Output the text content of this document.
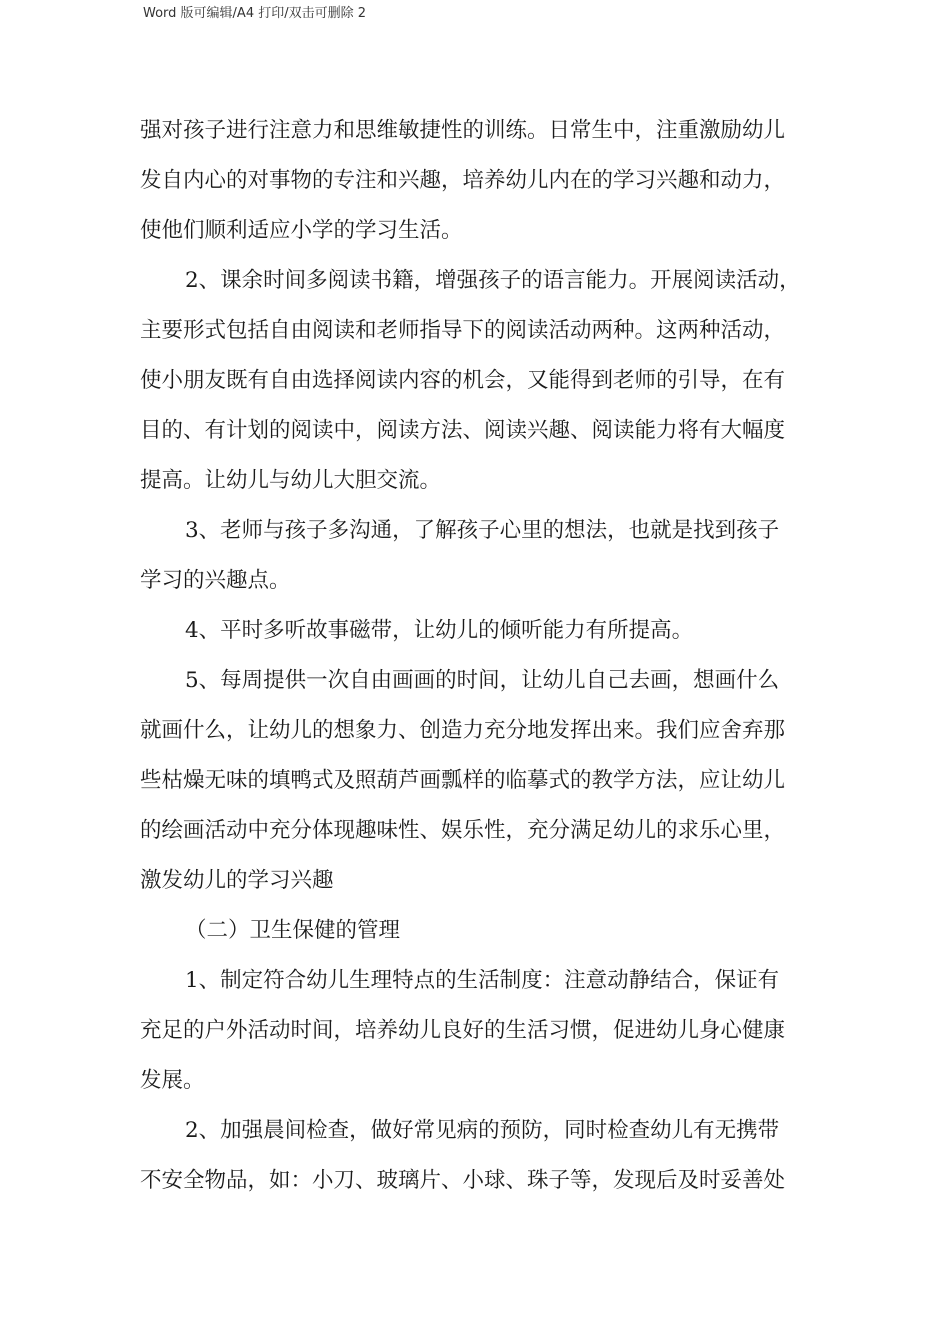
Word 版可编辑/A4 打印/双击可删除 2
强对孩子进行注意力和思维敏捷性的训练。日常生中，注重激励幼儿
发自内心的对事物的专注和兴趣，培养幼儿内在的学习兴趣和动力，
使他们顺利适应小学的学习生活。
2、课余时间多阅读书籍，增强孩子的语言能力。开展阅读活动，
主要形式包括自由阅读和老师指导下的阅读活动两种。这两种活动，
使小朋友既有自由选择阅读内容的机会，又能得到老师的引导，在有
目的、有计划的阅读中，阅读方法、阅读兴趣、阅读能力将有大幅度
提高。让幼儿与幼儿大胆交流。
3、老师与孩子多沟通，了解孩子心里的想法，也就是找到孩子
学习的兴趣点。
4、平时多听故事磁带，让幼儿的倾听能力有所提高。
5、每周提供一次自由画画的时间，让幼儿自己去画，想画什么
就画什么，让幼儿的想象力、创造力充分地发挥出来。我们应舍弃那
些枯燥无味的填鸭式及照葫芦画瓢样的临摹式的教学方法，应让幼儿
的绘画活动中充分体现趣味性、娱乐性，充分满足幼儿的求乐心里，
激发幼儿的学习兴趣
（二）卫生保健的管理
1、制定符合幼儿生理特点的生活制度：注意动静结合，保证有
充足的户外活动时间，培养幼儿良好的生活习惯，促进幼儿身心健康
发展。
2、加强晨间检查，做好常见病的预防，同时检查幼儿有无携带
不安全物品，如：小刀、玻璃片、小球、珠子等，发现后及时妥善处
